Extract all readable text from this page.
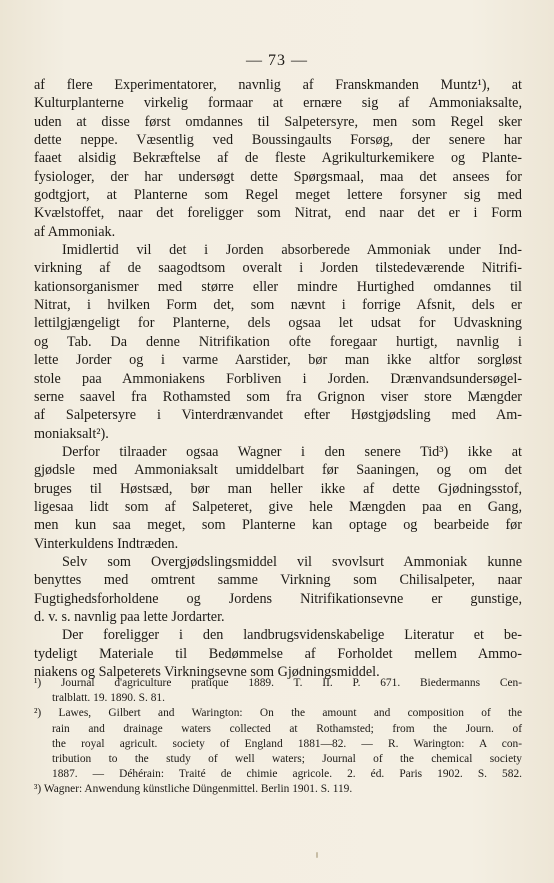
— 73 —
af flere Experimentatorer, navnlig af Franskmanden Muntz¹), at
Kulturplanterne virkelig formaar at ernære sig af Ammoniaksalte,
uden at disse først omdannes til Salpetersyre, men som Regel sker
dette neppe. Væsentlig ved Boussingaults Forsøg, der senere har
faaet alsidig Bekræftelse af de fleste Agrikulturkemikere og Plante-
fysiologer, der har undersøgt dette Spørgsmaal, maa det ansees for
godtgjort, at Planterne som Regel meget lettere forsyner sig med
Kvælstoffet, naar det foreligger som Nitrat, end naar det er i Form
af Ammoniak.
Imidlertid vil det i Jorden absorberede Ammoniak under Ind-
virkning af de saagodtsom overalt i Jorden tilstedeværende Nitrifi-
kationsorganismer med større eller mindre Hurtighed omdannes til
Nitrat, i hvilken Form det, som nævnt i forrige Afsnit, dels er
lettilgjængeligt for Planterne, dels ogsaa let udsat for Udvaskning
og Tab. Da denne Nitrifikation ofte foregaar hurtigt, navnlig i
lette Jorder og i varme Aarstider, bør man ikke altfor sorgløst
stole paa Ammoniakens Forbliven i Jorden. Drænvandsundersøgel-
serne saavel fra Rothamsted som fra Grignon viser store Mængder
af Salpetersyre i Vinterdrænvandet efter Høstgjødsling med Am-
moniaksalt²).
Derfor tilraader ogsaa Wagner i den senere Tid³) ikke at
gjødsle med Ammoniaksalt umiddelbart før Saaningen, og om det
bruges til Høstsæd, bør man heller ikke af dette Gjødningsstof,
ligesaa lidt som af Salpeteret, give hele Mængden paa en Gang,
men kun saa meget, som Planterne kan optage og bearbeide før
Vinterkuldens Indtræden.
Selv som Overgjødslingsmiddel vil svovlsurt Ammoniak kunne
benyttes med omtrent samme Virkning som Chilisalpeter, naar
Fugtighedsforholdene og Jordens Nitrifikationsevne er gunstige,
d. v. s. navnlig paa lette Jordarter.
Der foreligger i den landbrugsvidenskabelige Literatur et be-
tydeligt Materiale til Bedømmelse af Forholdet mellem Ammo-
niakens og Salpeterets Virkningsevne som Gjødningsmiddel.
¹) Journal d'agriculture pratique 1889. T. II. P. 671. Biedermanns Cen-
tralblatt. 19. 1890. S. 81.
²) Lawes, Gilbert and Warington: On the amount and composition of the
rain and drainage waters collected at Rothamsted; from the Journ. of
the royal agricult. society of England 1881—82. — R. Warington: A con-
tribution to the study of well waters; Journal of the chemical society
1887. — Déhérain: Traité de chimie agricole. 2. éd. Paris 1902. S. 582.
³) Wagner: Anwendung künstliche Düngenmittel. Berlin 1901. S. 119.
